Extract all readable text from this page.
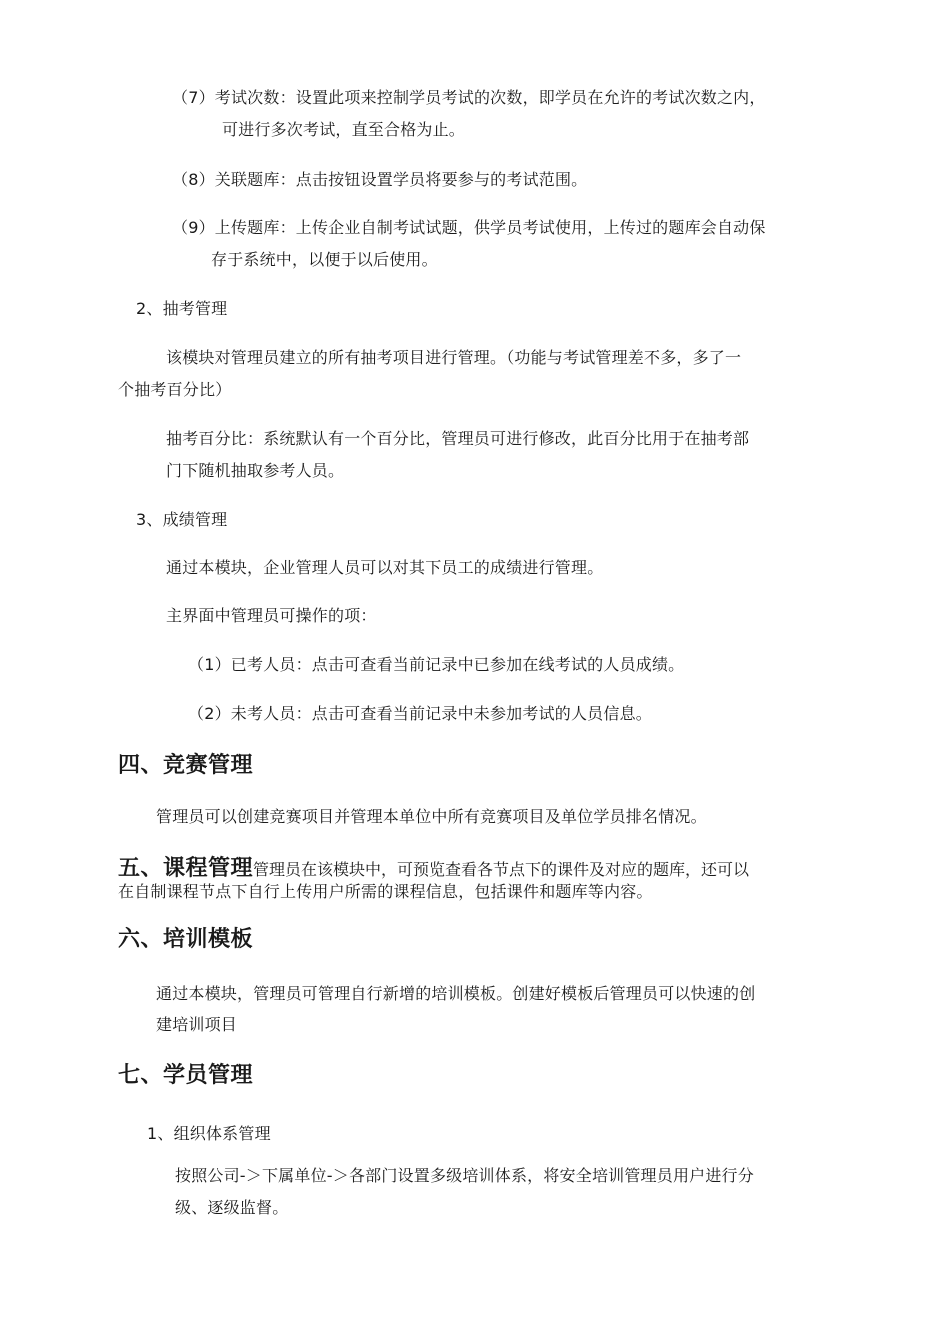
（7）考试次数：设置此项来控制学员考试的次数，即学员在允许的考试次数之内，

可进行多次考试，直至合格为止。

（8）关联题库：点击按钮设置学员将要参与的考试范围。

（9）上传题库：上传企业自制考试试题，供学员考试使用，上传过的题库会自动保

存于系统中，以便于以后使用。

2、抽考管理

该模块对管理员建立的所有抽考项目进行管理。（功能与考试管理差不多，多了一

个抽考百分比）

抽考百分比：系统默认有一个百分比，管理员可进行修改，此百分比用于在抽考部

门下随机抽取参考人员。

3、成绩管理

通过本模块，企业管理人员可以对其下员工的成绩进行管理。

主界面中管理员可操作的项：

（1）已考人员：点击可查看当前记录中已参加在线考试的人员成绩。

（2）未考人员：点击可查看当前记录中未参加考试的人员信息。

四、竞赛管理

管理员可以创建竞赛项目并管理本单位中所有竞赛项目及单位学员排名情况。

五、课程管理管理员在该模块中，可预览查看各节点下的课件及对应的题库，还可以

在自制课程节点下自行上传用户所需的课程信息，包括课件和题库等内容。

六、培训模板

通过本模块，管理员可管理自行新增的培训模板。创建好模板后管理员可以快速的创

建培训项目

七、学员管理

1、组织体系管理

按照公司-＞下属单位-＞各部门设置多级培训体系，将安全培训管理员用户进行分

级、逐级监督。
